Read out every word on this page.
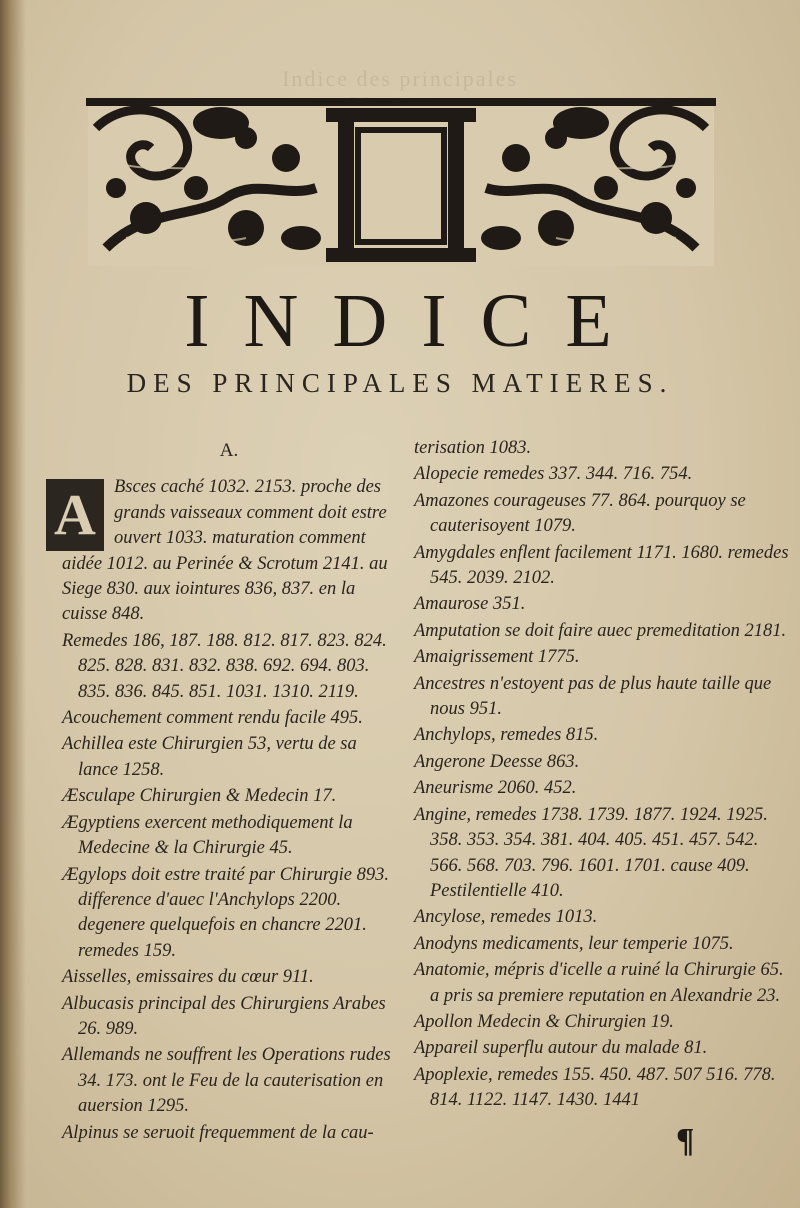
Indice des principales
INDICE
DES PRINCIPALES MATIERES.
A.
A Bsces caché 1032. 2153. proche des grands vaisseaux comment doit estre ouvert 1033. maturation comment aidée 1012. au Perinée & Scrotum 2141. au Siege 830. aux iointures 836, 837. en la cuisse 848.
Remedes 186, 187. 188. 812. 817. 823. 824. 825. 828. 831. 832. 838. 692. 694. 803. 835. 836. 845. 851. 1031. 1310. 2119.
Acouchement comment rendu facile 495.
Achillea este Chirurgien 53, vertu de sa lance 1258.
Æsculape Chirurgien & Medecin 17.
Ægyptiens exercent methodiquement la Medecine & la Chirurgie 45.
Ægylops doit estre traité par Chirurgie 893. difference d'auec l'Anchylops 2200. degenere quelquefois en chancre 2201. remedes 159.
Aisselles, emissaires du cœur 911.
Albucasis principal des Chirurgiens Arabes 26. 989.
Allemands ne souffrent les Operations rudes 34. 173. ont le Feu de la cauterisation en auersion 1295.
Alpinus se seruoit frequemment de la cau-
terisation 1083.
Alopecie remedes 337. 344. 716. 754.
Amazones courageuses 77. 864. pourquoy se cauterisoyent 1079.
Amygdales enflent facilement 1171. 1680. remedes 545. 2039. 2102.
Amaurose 351.
Amputation se doit faire auec premeditation 2181.
Amaigrissement 1775.
Ancestres n'estoyent pas de plus haute taille que nous 951.
Anchylops, remedes 815.
Angerone Deesse 863.
Aneurisme 2060. 452.
Angine, remedes 1738. 1739. 1877. 1924. 1925. 358. 353. 354. 381. 404. 405. 451. 457. 542. 566. 568. 703. 796. 1601. 1701. cause 409. Pestilentielle 410.
Ancylose, remedes 1013.
Anodyns medicaments, leur temperie 1075.
Anatomie, mépris d'icelle a ruiné la Chirurgie 65. a pris sa premiere reputation en Alexandrie 23.
Apollon Medecin & Chirurgien 19.
Appareil superflu autour du malade 81.
Apoplexie, remedes 155. 450. 487. 507 516. 778. 814. 1122. 1147. 1430. 1441
¶
